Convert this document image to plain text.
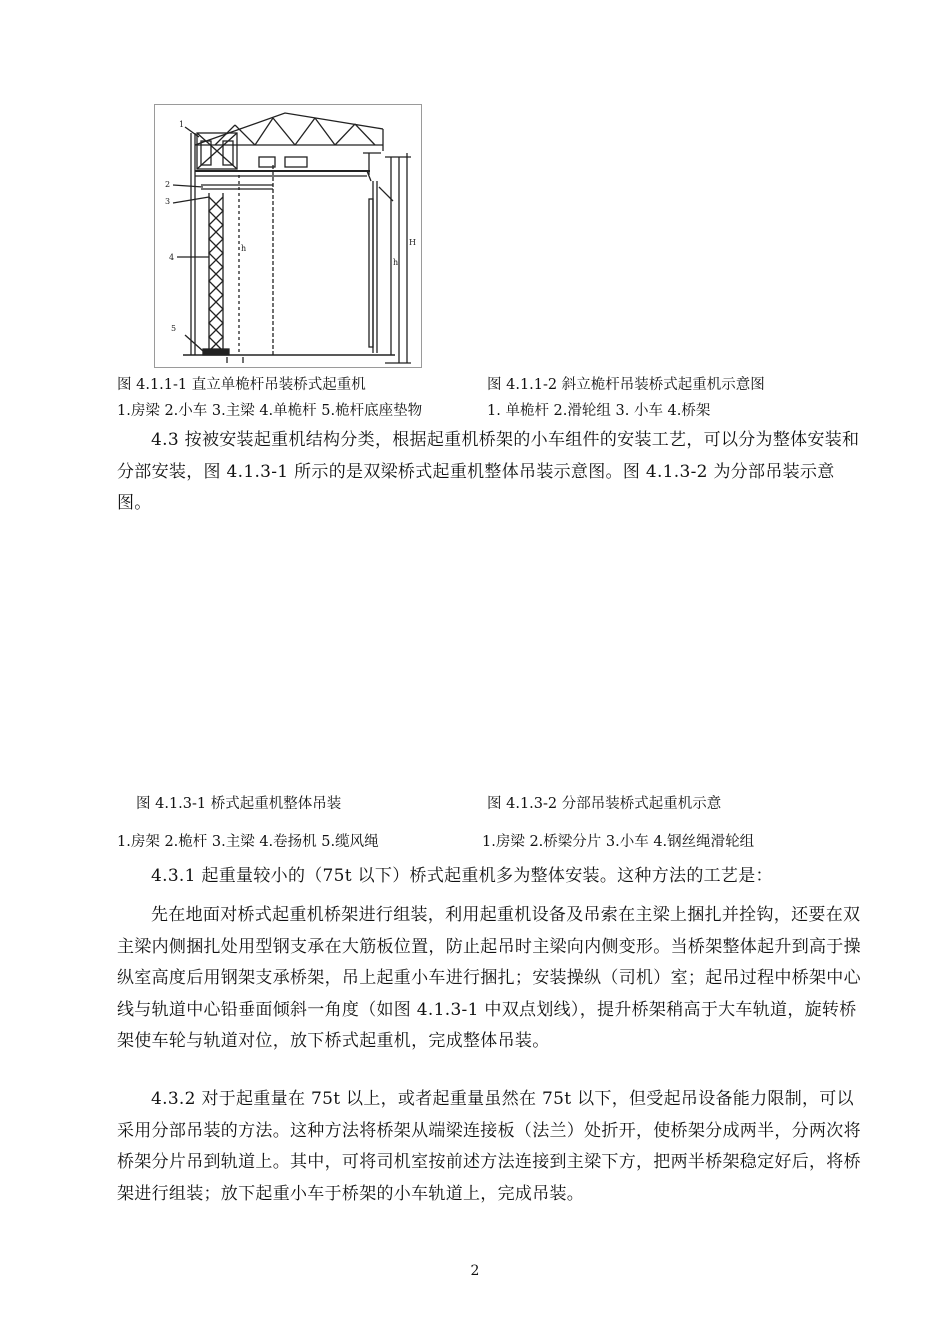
1
2
3
4
5
H
h
h
图 4.1.1-1 直立单桅杆吊装桥式起重机	图 4.1.1-2 斜立桅杆吊装桥式起重机示意图
1.房梁 2.小车 3.主梁 4.单桅杆 5.桅杆底座垫物	1. 单桅杆 2.滑轮组 3. 小车 4.桥架
4.3 按被安装起重机结构分类，根据起重机桥架的小车组件的安装工艺，可以分为整体安装和分部安装，图 4.1.3-1 所示的是双梁桥式起重机整体吊装示意图。图 4.1.3-2 为分部吊装示意图。
图 4.1.3-1 桥式起重机整体吊装	图 4.1.3-2 分部吊装桥式起重机示意
1.房架 2.桅杆 3.主梁 4.卷扬机 5.缆风绳	1.房梁 2.桥梁分片 3.小车 4.钢丝绳滑轮组
4.3.1 起重量较小的（75t 以下）桥式起重机多为整体安装。这种方法的工艺是：
先在地面对桥式起重机桥架进行组装，利用起重机设备及吊索在主梁上捆扎并拴钩，还要在双主梁内侧捆扎处用型钢支承在大筋板位置，防止起吊时主梁向内侧变形。当桥架整体起升到高于操纵室高度后用钢架支承桥架，吊上起重小车进行捆扎；安装操纵（司机）室；起吊过程中桥架中心线与轨道中心铅垂面倾斜一角度（如图 4.1.3-1 中双点划线），提升桥架稍高于大车轨道，旋转桥架使车轮与轨道对位，放下桥式起重机，完成整体吊装。
4.3.2 对于起重量在 75t 以上，或者起重量虽然在 75t 以下，但受起吊设备能力限制，可以采用分部吊装的方法。这种方法将桥架从端梁连接板（法兰）处折开，使桥架分成两半，分两次将桥架分片吊到轨道上。其中，可将司机室按前述方法连接到主梁下方，把两半桥架稳定好后，将桥架进行组装；放下起重小车于桥架的小车轨道上，完成吊装。
2
